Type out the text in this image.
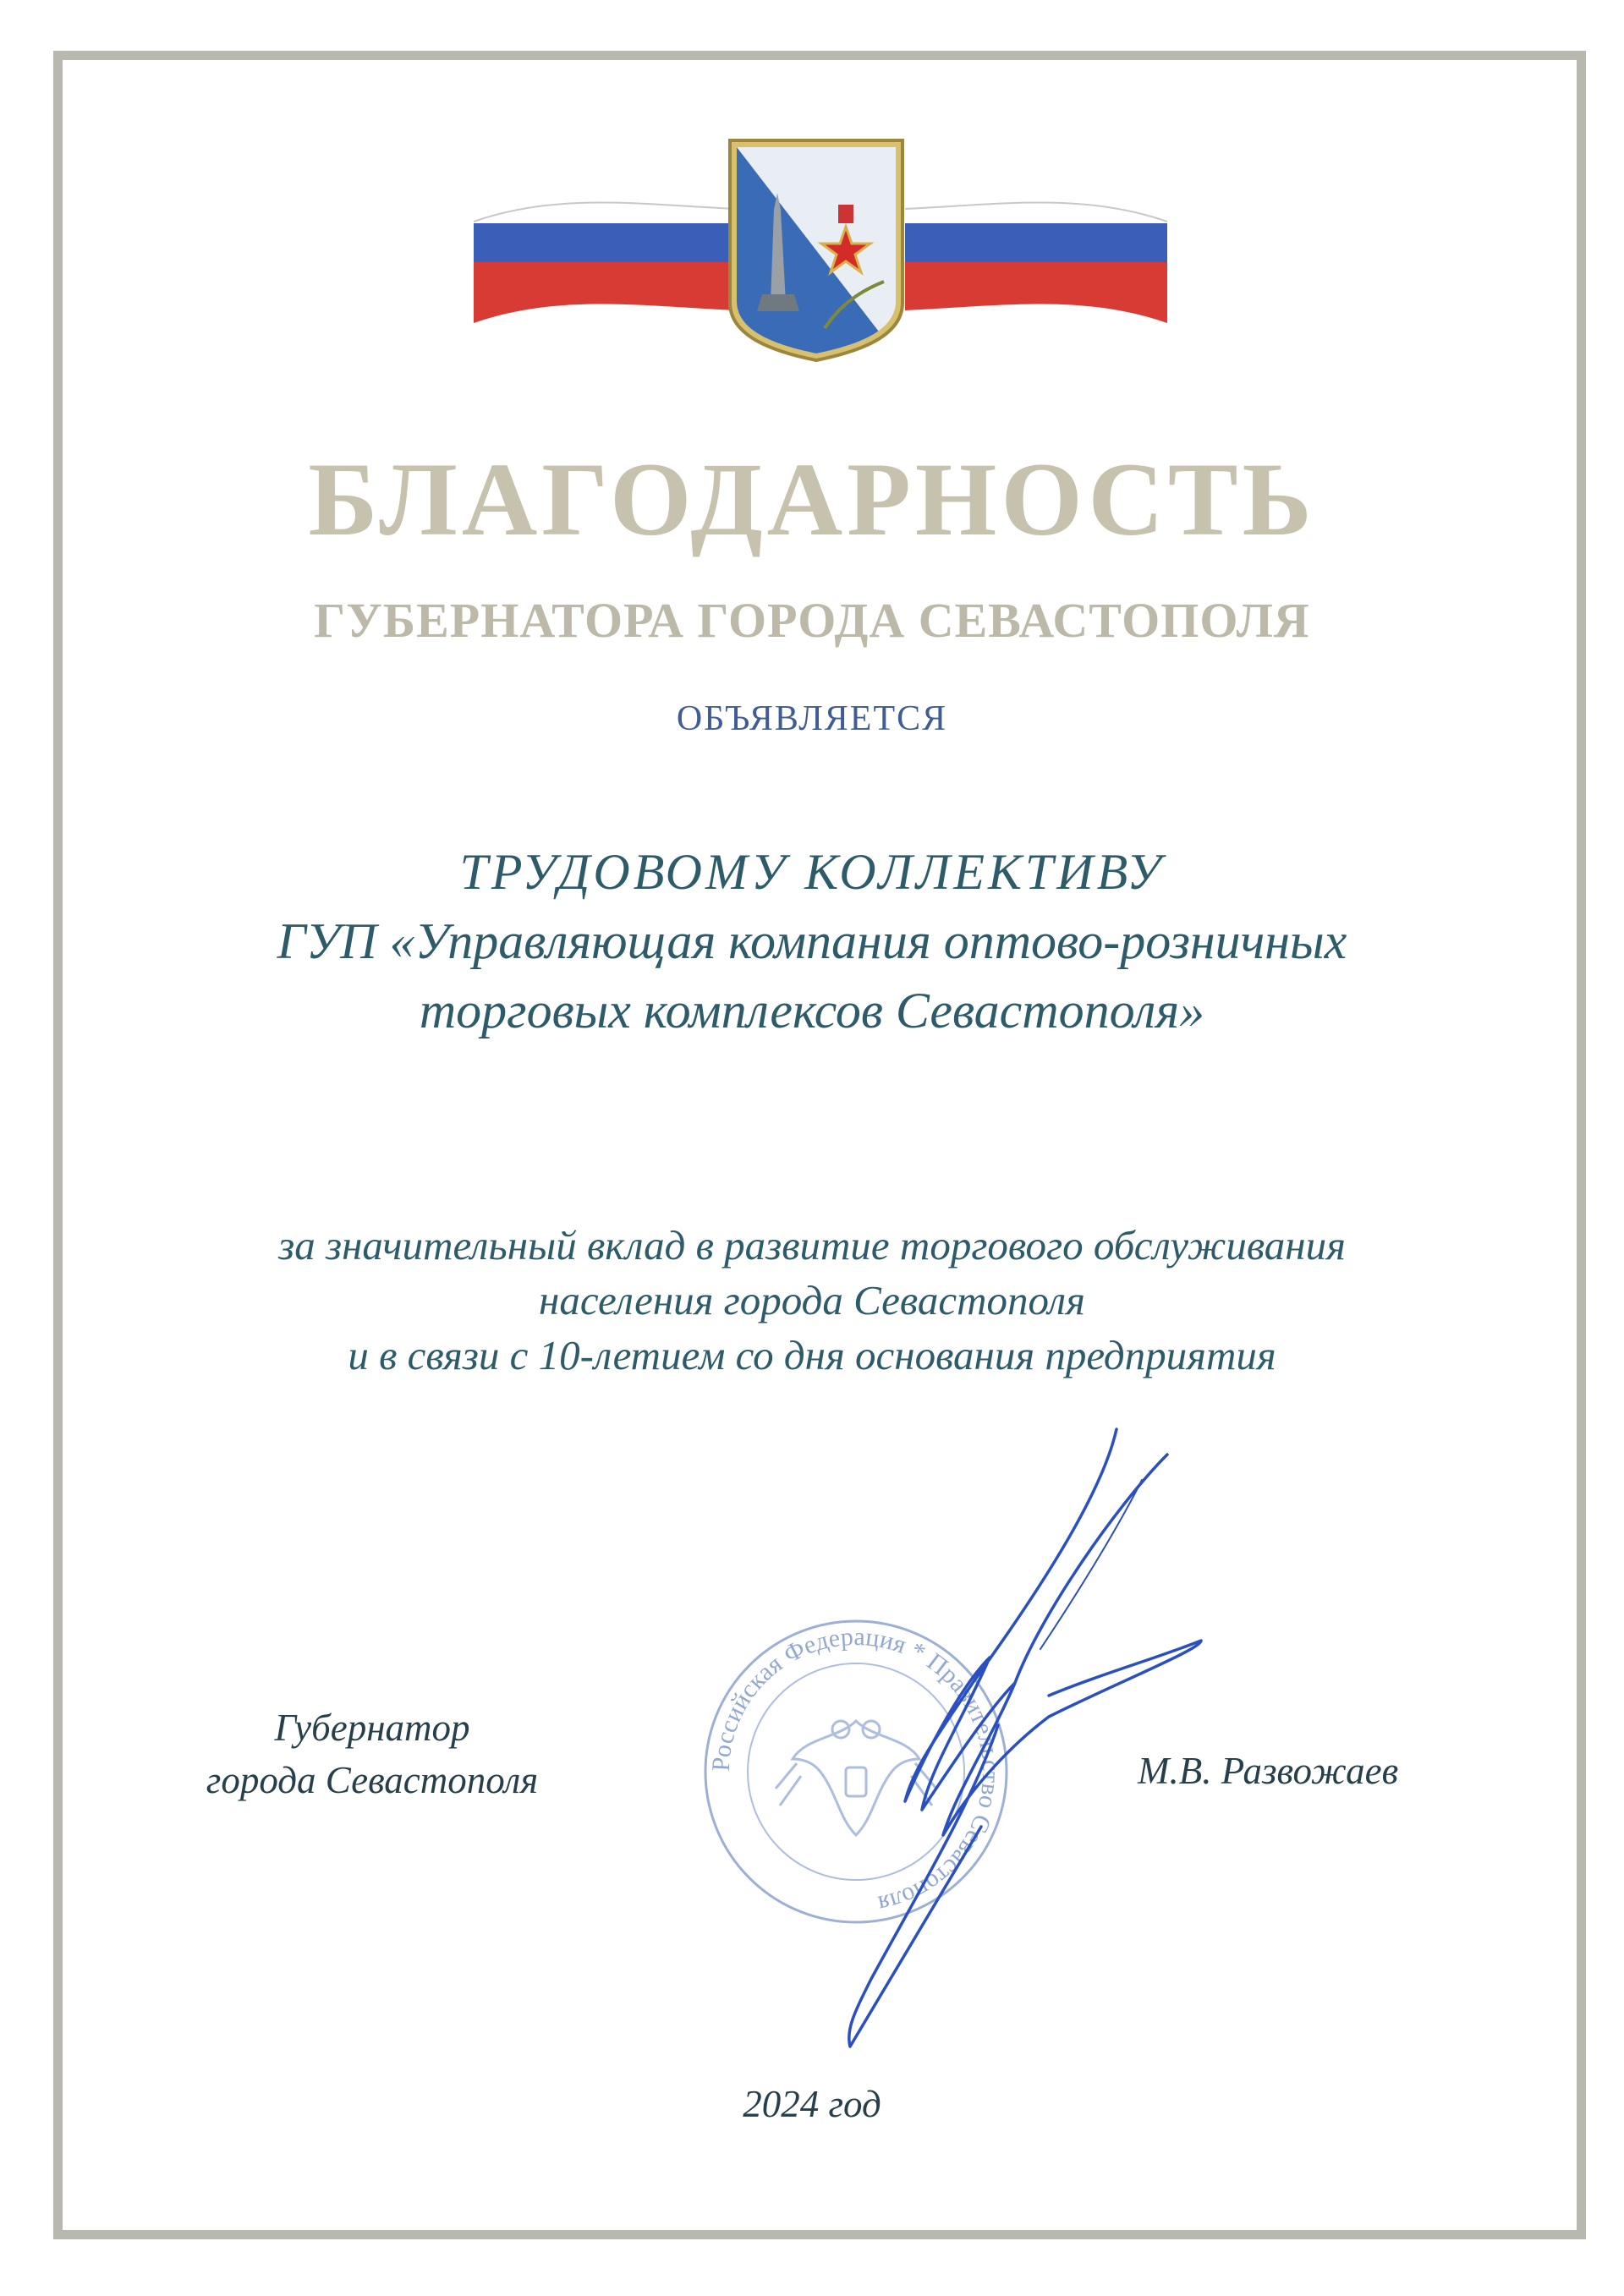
БЛАГОДАРНОСТЬ
ГУБЕРНАТОРА ГОРОДА СЕВАСТОПОЛЯ
ОБЪЯВЛЯЕТСЯ
ТРУДОВОМУ КОЛЛЕКТИВУ
ГУП «Управляющая компания оптово-розничных
торговых комплексов Севастополя»
за значительный вклад в развитие торгового обслуживания
населения города Севастополя
и в связи с 10-летием со дня основания предприятия
Российская Федерация * Правительство Севастополя
Губернатор
города Севастополя	М.В. Развожаев
2024 год
